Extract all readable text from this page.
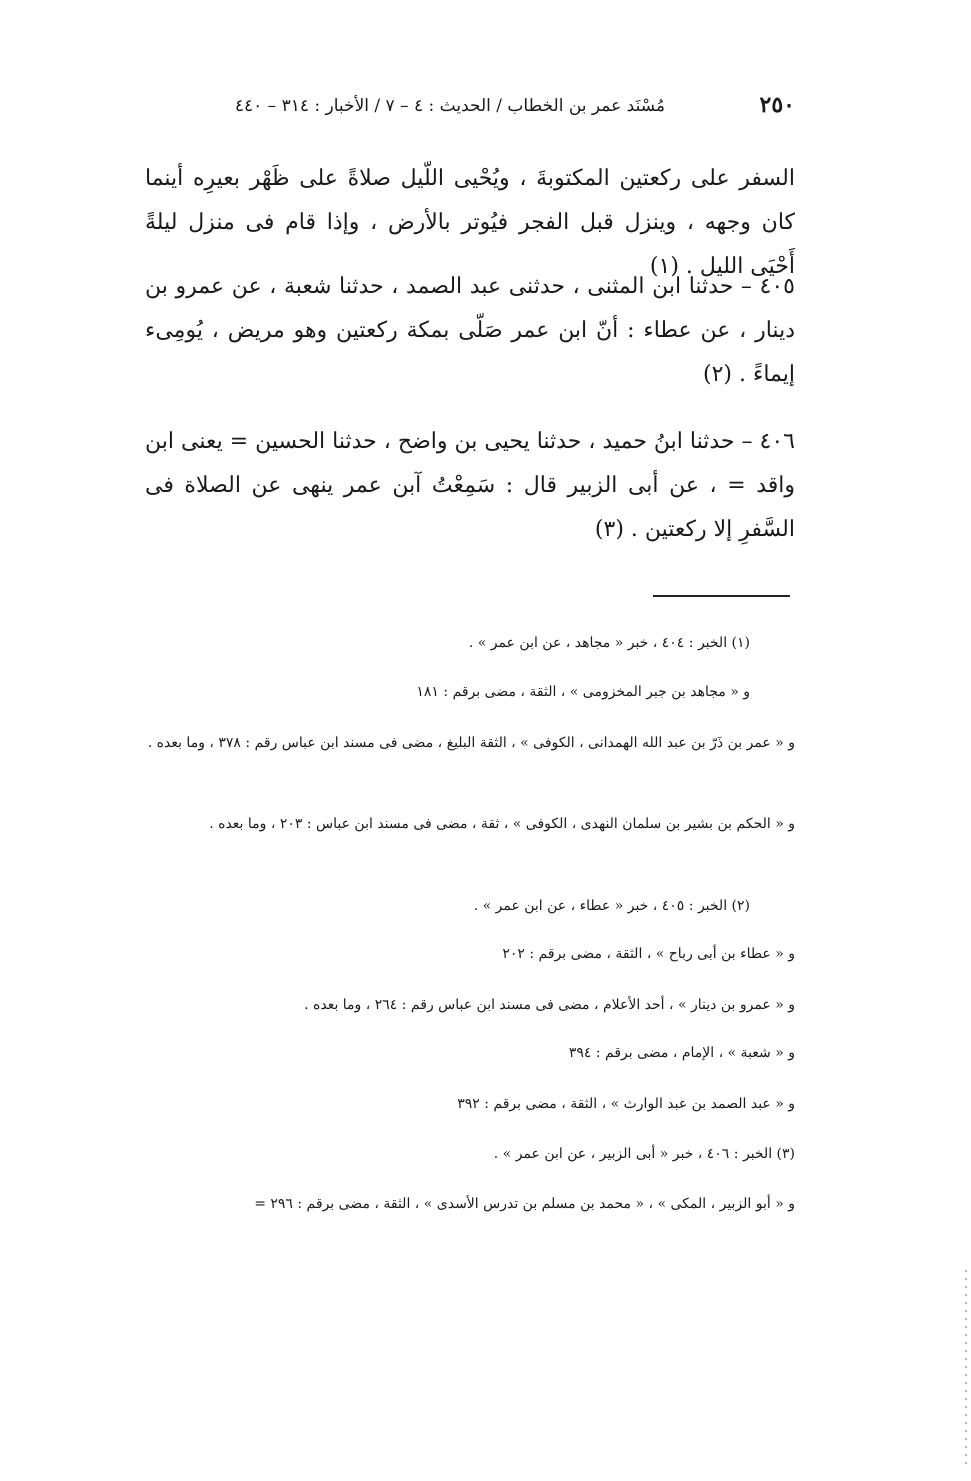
٢٥٠
مُسْنَد عمر بن الخطاب / الحديث : ٤ – ٧ / الأخبار : ٣١٤ – ٤٤٠

السفر على ركعتين المكتوبةَ ، ويُحْيى اللّيل صلاةً على ظَهْر بعيرِه أينما كان وجهه ، وينزل قبل الفجر فيُوتر بالأرض ، وإذا قام فى منزل ليلةً أَحْيَى الليل . (١)

٤٠٥ – حدثنا ابن المثنى ، حدثنى عبد الصمد ، حدثنا شعبة ، عن عمرو بن دينار ، عن عطاء : أنّ ابن عمر صَلّى بمكة ركعتين وهو مريض ، يُومِىء إيماءً . (٢)

٤٠٦ – حدثنا ابنُ حميد ، حدثنا يحيى بن واضح ، حدثنا الحسين = يعنى ابن واقد = ، عن أبى الزبير قال : سَمِعْتُ آبن عمر ينهى عن الصلاة فى السَّفرِ إلا ركعتين . (٣)

(١) الخبر : ٤٠٤ ، خبر « مجاهد ، عن ابن عمر » .
و « مجاهد بن جبر المخزومى » ، الثقة ، مضى برقم : ١٨١
و « عمر بن ذَرّ بن عبد الله الهمدانى ، الكوفى » ، الثقة البليغ ، مضى فى مسند ابن عباس رقم : ٣٧٨ ، وما بعده .
و « الحكم بن بشير بن سلمان النهدى ، الكوفى » ، ثقة ، مضى فى مسند ابن عباس : ٢٠٣ ، وما بعده .
(٢) الخبر : ٤٠٥ ، خبر « عطاء ، عن ابن عمر » .
و « عطاء بن أبى رباح » ، الثقة ، مضى برقم : ٢٠٢
و « عمرو بن دينار » ، أحد الأعلام ، مضى فى مسند ابن عباس رقم : ٢٦٤ ، وما بعده .
و « شعبة » ، الإمام ، مضى برقم : ٣٩٤
و « عبد الصمد بن عبد الوارث » ، الثقة ، مضى برقم : ٣٩٢
(٣) الخبر : ٤٠٦ ، خبر « أبى الزبير ، عن ابن عمر » .
و « أبو الزبير ، المكى » ، « محمد بن مسلم بن تدرس الأسدى » ، الثقة ، مضى برقم : ٢٩٦ =
